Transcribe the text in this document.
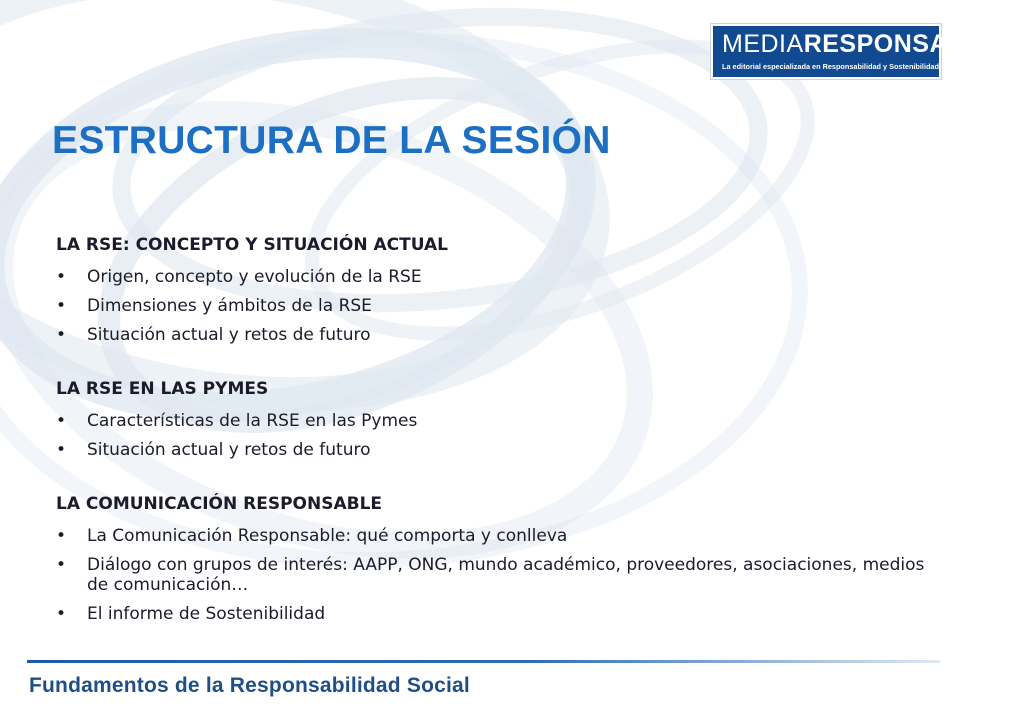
MEDIARESPONSABLE®
La editorial especializada en Responsabilidad y Sostenibilidad
ESTRUCTURA DE LA SESIÓN
LA RSE: CONCEPTO Y SITUACIÓN ACTUAL
• Origen, concepto y evolución de la RSE
• Dimensiones y ámbitos de la RSE
• Situación actual y retos de futuro
LA RSE EN LAS PYMES
• Características de la RSE en las Pymes
• Situación actual y retos de futuro
LA COMUNICACIÓN RESPONSABLE
• La Comunicación Responsable: qué comporta y conlleva
• Diálogo con grupos de interés: AAPP, ONG, mundo académico, proveedores, asociaciones, medios de comunicación…
• El informe de Sostenibilidad
Fundamentos de la Responsabilidad Social
